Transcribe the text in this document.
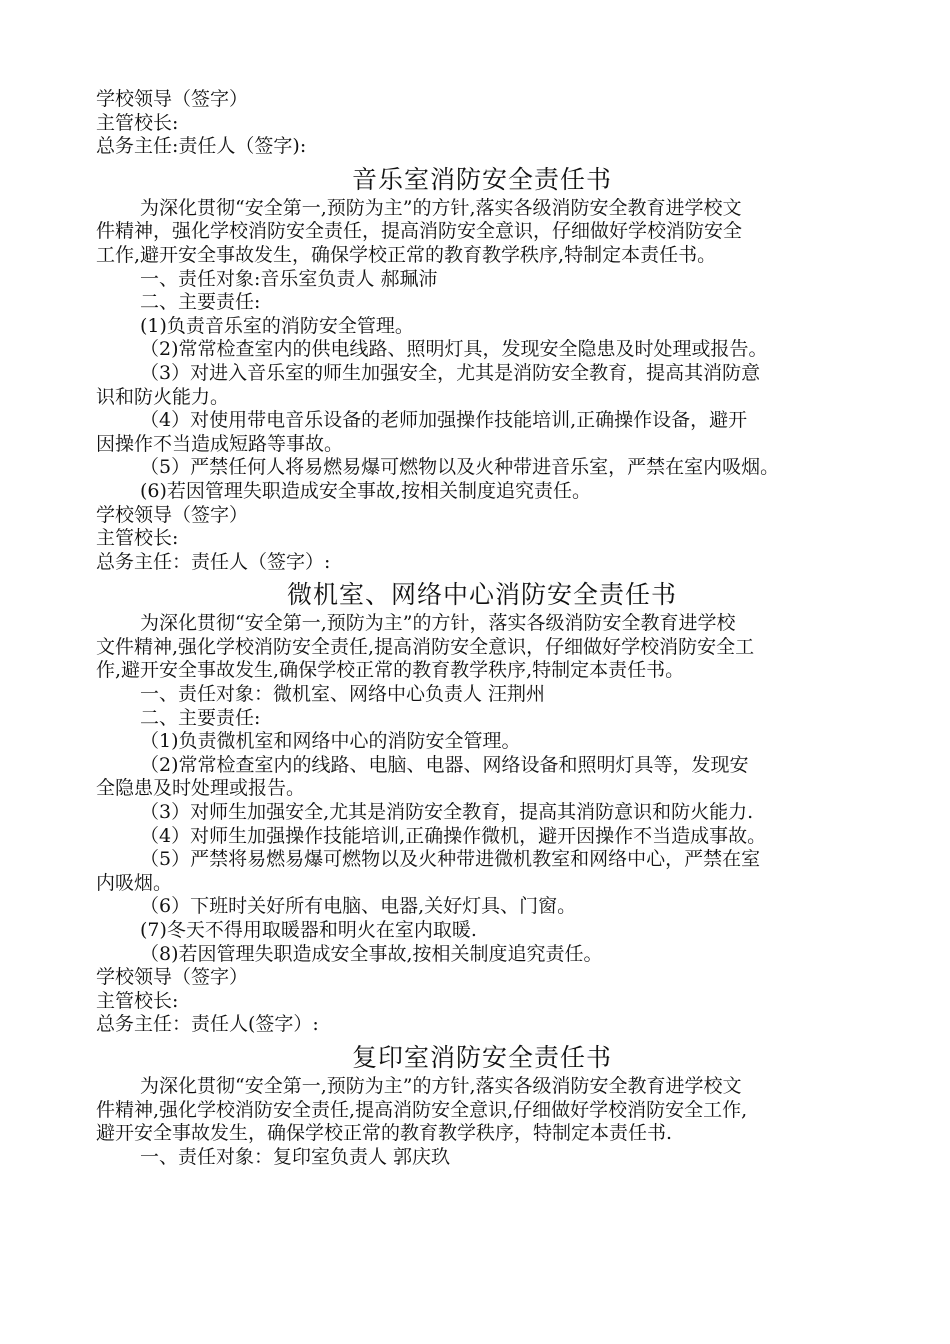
学校领导（签字）
主管校长:
总务主任:责任人（签字):
音乐室消防安全责任书
为深化贯彻“安全第一,预防为主”的方针,落实各级消防安全教育进学校文
件精神，强化学校消防安全责任，提高消防安全意识，仔细做好学校消防安全
工作,避开安全事故发生，确保学校正常的教育教学秩序,特制定本责任书。
一、责任对象:音乐室负责人 郝珮沛
二、主要责任:
(1)负责音乐室的消防安全管理。
（2)常常检查室内的供电线路、照明灯具，发现安全隐患及时处理或报告。
（3）对进入音乐室的师生加强安全，尤其是消防安全教育，提高其消防意
识和防火能力。
（4）对使用带电音乐设备的老师加强操作技能培训,正确操作设备，避开
因操作不当造成短路等事故。
（5）严禁任何人将易燃易爆可燃物以及火种带进音乐室，严禁在室内吸烟。
(6)若因管理失职造成安全事故,按相关制度追究责任。
学校领导（签字）
主管校长:
总务主任：责任人（签字）:
微机室、网络中心消防安全责任书
为深化贯彻“安全第一,预防为主”的方针，落实各级消防安全教育进学校
文件精神,强化学校消防安全责任,提高消防安全意识，仔细做好学校消防安全工
作,避开安全事故发生,确保学校正常的教育教学秩序,特制定本责任书。
一、责任对象：微机室、网络中心负责人 汪荆州
二、主要责任:
（1)负责微机室和网络中心的消防安全管理。
（2)常常检查室内的线路、电脑、电器、网络设备和照明灯具等，发现安
全隐患及时处理或报告。
（3）对师生加强安全,尤其是消防安全教育，提高其消防意识和防火能力.
（4）对师生加强操作技能培训,正确操作微机，避开因操作不当造成事故。
（5）严禁将易燃易爆可燃物以及火种带进微机教室和网络中心，严禁在室
内吸烟。
（6）下班时关好所有电脑、电器,关好灯具、门窗。
(7)冬天不得用取暖器和明火在室内取暖.
（8)若因管理失职造成安全事故,按相关制度追究责任。
学校领导（签字）
主管校长:
总务主任：责任人(签字）:
复印室消防安全责任书
为深化贯彻“安全第一,预防为主”的方针,落实各级消防安全教育进学校文
件精神,强化学校消防安全责任,提高消防安全意识,仔细做好学校消防安全工作,
避开安全事故发生，确保学校正常的教育教学秩序，特制定本责任书.
一、责任对象：复印室负责人 郭庆玖
